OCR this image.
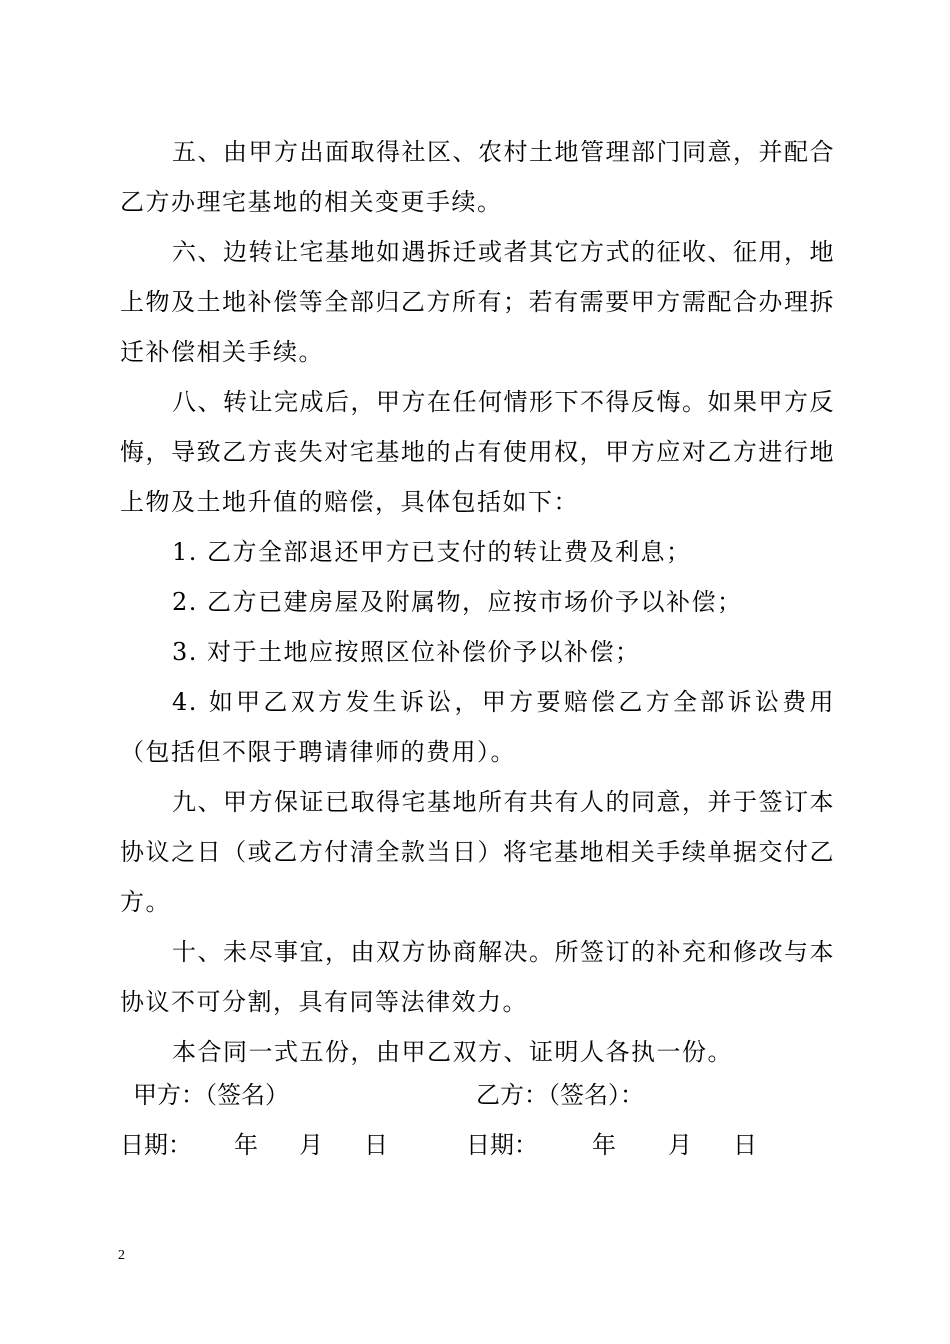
五、由甲方出面取得社区、农村土地管理部门同意，并配合乙方办理宅基地的相关变更手续。

六、边转让宅基地如遇拆迁或者其它方式的征收、征用，地上物及土地补偿等全部归乙方所有；若有需要甲方需配合办理拆迁补偿相关手续。

八、转让完成后，甲方在任何情形下不得反悔。如果甲方反悔，导致乙方丧失对宅基地的占有使用权，甲方应对乙方进行地上物及土地升值的赔偿，具体包括如下：

1. 乙方全部退还甲方已支付的转让费及利息；

2. 乙方已建房屋及附属物，应按市场价予以补偿；

3. 对于土地应按照区位补偿价予以补偿；

4. 如甲乙双方发生诉讼，甲方要赔偿乙方全部诉讼费用（包括但不限于聘请律师的费用）。

九、甲方保证已取得宅基地所有共有人的同意，并于签订本协议之日（或乙方付清全款当日）将宅基地相关手续单据交付乙方。

十、未尽事宜，由双方协商解决。所签订的补充和修改与本协议不可分割，具有同等法律效力。

本合同一式五份，由甲乙双方、证明人各执一份。

甲方：（签名）	乙方：（签名）：
日期： 年 月 日	日期： 年 月 日
2
